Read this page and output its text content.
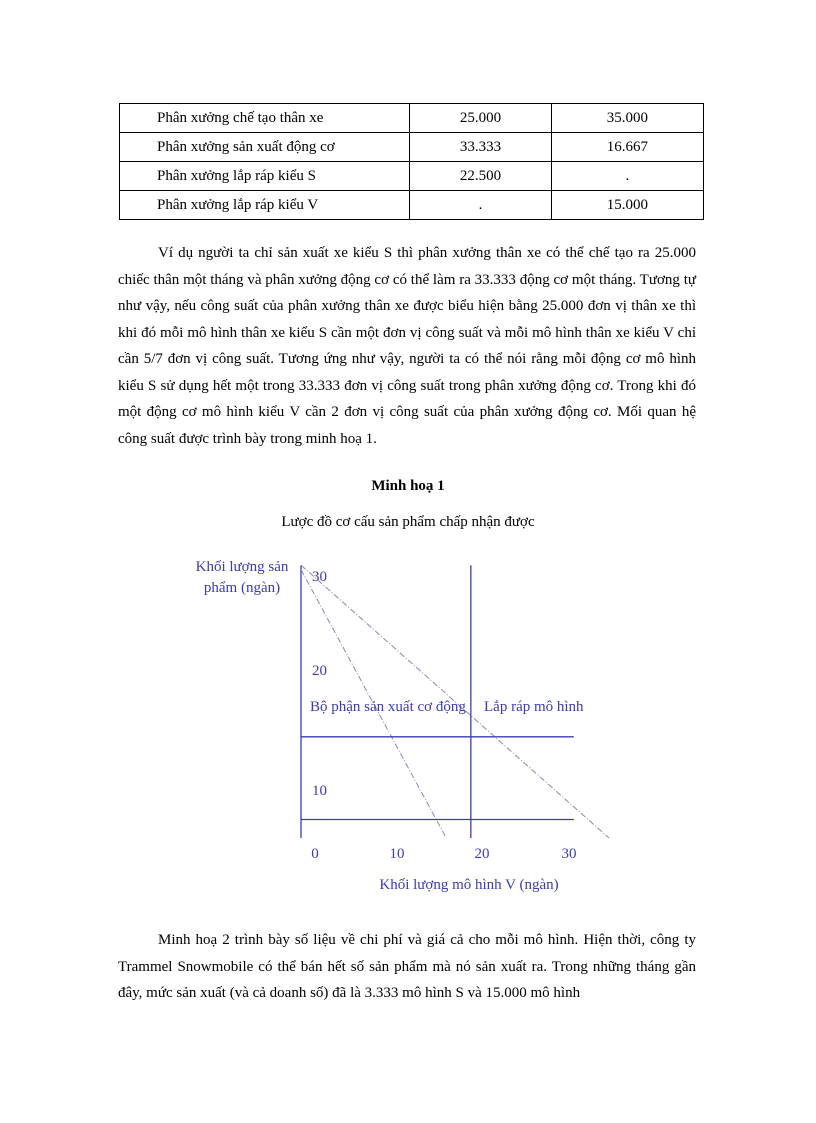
Phân xưởng chế tạo thân xe	25.000	35.000
Phân xưởng sản xuất động cơ	33.333	16.667
Phân xưởng lắp ráp kiểu S	22.500	.
Phân xưởng lắp ráp kiểu V	.	15.000

Ví dụ người ta chỉ sản xuất xe kiểu S thì phân xưởng thân xe có thể chế tạo ra 25.000 chiếc thân một tháng và phân xưởng động cơ có thể làm ra 33.333 động cơ một tháng. Tương tự như vậy, nếu công suất của phân xưởng thân xe được biểu hiện bằng 25.000 đơn vị thân xe thì khi đó mỗi mô hình thân xe kiểu S cần một đơn vị công suất và mỗi mô hình thân xe kiểu V chỉ cần 5/7 đơn vị công suất. Tương ứng như vậy, người ta có thể nói rằng mỗi động cơ mô hình kiểu S sử dụng hết một trong 33.333 đơn vị công suất trong phân xưởng động cơ. Trong khi đó một động cơ mô hình kiểu V cần 2 đơn vị công suất của phân xưởng động cơ. Mối quan hệ công suất được trình bày trong minh hoạ 1.

Minh hoạ 1

Lược đồ cơ cấu sản phẩm chấp nhận được

Khối lượng sản
phẩm (ngàn)
30
20
10
Bộ phận sản xuất cơ động Lắp ráp mô hình
0	10	20	30
Khối lượng mô hình V (ngàn)

Minh hoạ 2 trình bày số liệu về chi phí và giá cả cho mỗi mô hình. Hiện thời, công ty Trammel Snowmobile có thể bán hết số sản phẩm mà nó sản xuất ra. Trong những tháng gần đây, mức sản xuất (và cả doanh số) đã là 3.333 mô hình S và 15.000 mô hình
